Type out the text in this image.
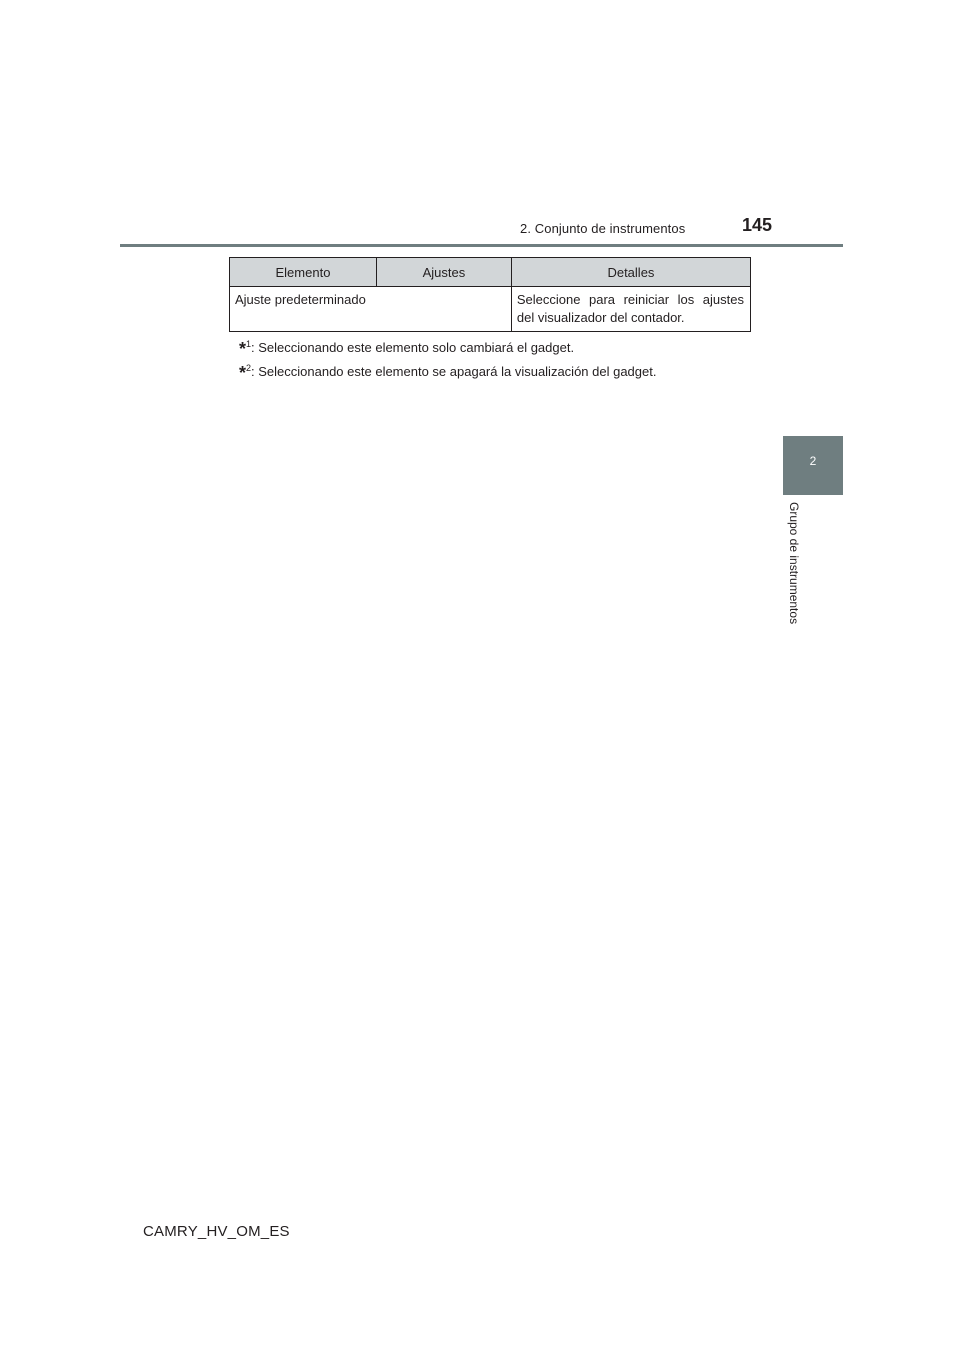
2. Conjunto de instrumentos	145
2
Grupo de instrumentos
Elemento	Ajustes	Detalles
Ajuste predeterminado		Seleccione para reiniciar los ajustes del visualizador del contador.
*$^1$: Seleccionando este elemento solo cambiará el gadget.
*$^2$: Seleccionando este elemento se apagará la visualización del gadget.
CAMRY_HV_OM_ES
